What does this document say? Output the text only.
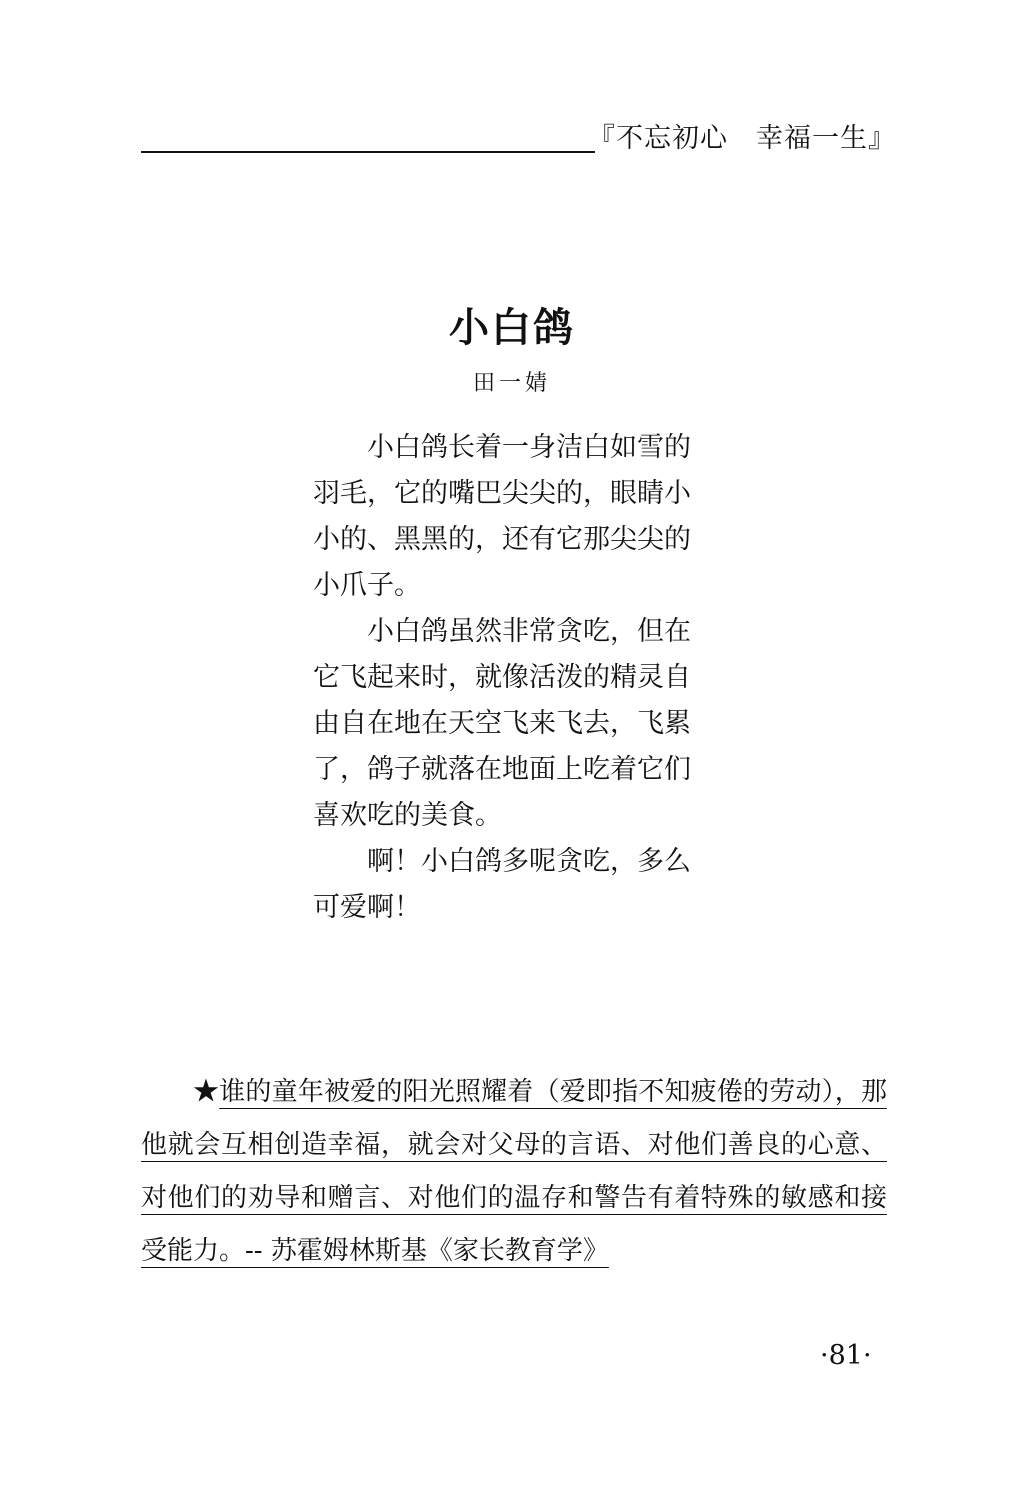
『不忘初心　幸福一生』
小白鸽
田一婧

小白鸽长着一身洁白如雪的羽毛，它的嘴巴尖尖的，眼睛小小的、黑黑的，还有它那尖尖的小爪子。

小白鸽虽然非常贪吃，但在它飞起来时，就像活泼的精灵自由自在地在天空飞来飞去，飞累了，鸽子就落在地面上吃着它们喜欢吃的美食。

啊！小白鸽多呢贪吃，多么可爱啊！

★谁的童年被爱的阳光照耀着（爱即指不知疲倦的劳动），那他就会互相创造幸福，就会对父母的言语、对他们善良的心意、对他们的劝导和赠言、对他们的温存和警告有着特殊的敏感和接受能力。-- 苏霍姆林斯基《家长教育学》
·81·
